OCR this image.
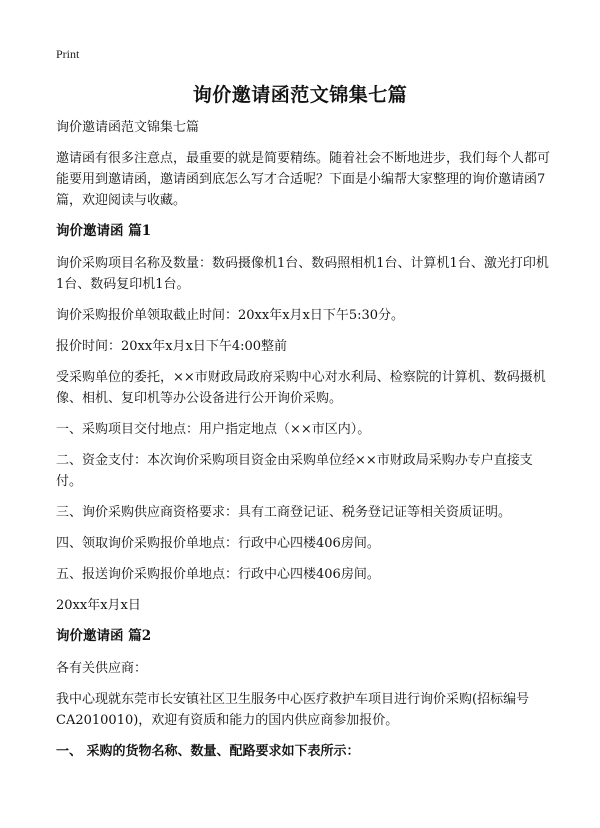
Print
询价邀请函范文锦集七篇

询价邀请函范文锦集七篇

邀请函有很多注意点，最重要的就是简要精练。随着社会不断地进步，我们每个人都可能要用到邀请函，邀请函到底怎么写才合适呢？下面是小编帮大家整理的询价邀请函7篇，欢迎阅读与收藏。

询价邀请函 篇1

询价采购项目名称及数量：数码摄像机1台、数码照相机1台、计算机1台、激光打印机1台、数码复印机1台。

询价采购报价单领取截止时间：20xx年x月x日下午5:30分。

报价时间：20xx年x月x日下午4:00整前

受采购单位的委托，××市财政局政府采购中心对水利局、检察院的计算机、数码摄机像、相机、复印机等办公设备进行公开询价采购。

一、采购项目交付地点：用户指定地点（××市区内）。

二、资金支付：本次询价采购项目资金由采购单位经××市财政局采购办专户直接支付。

三、询价采购供应商资格要求：具有工商登记证、税务登记证等相关资质证明。

四、领取询价采购报价单地点：行政中心四楼406房间。

五、报送询价采购报价单地点：行政中心四楼406房间。

20xx年x月x日

询价邀请函 篇2

各有关供应商：

我中心现就东莞市长安镇社区卫生服务中心医疗救护车项目进行询价采购(招标编号CA2010010)，欢迎有资质和能力的国内供应商参加报价。

一、 采购的货物名称、数量、配路要求如下表所示：
